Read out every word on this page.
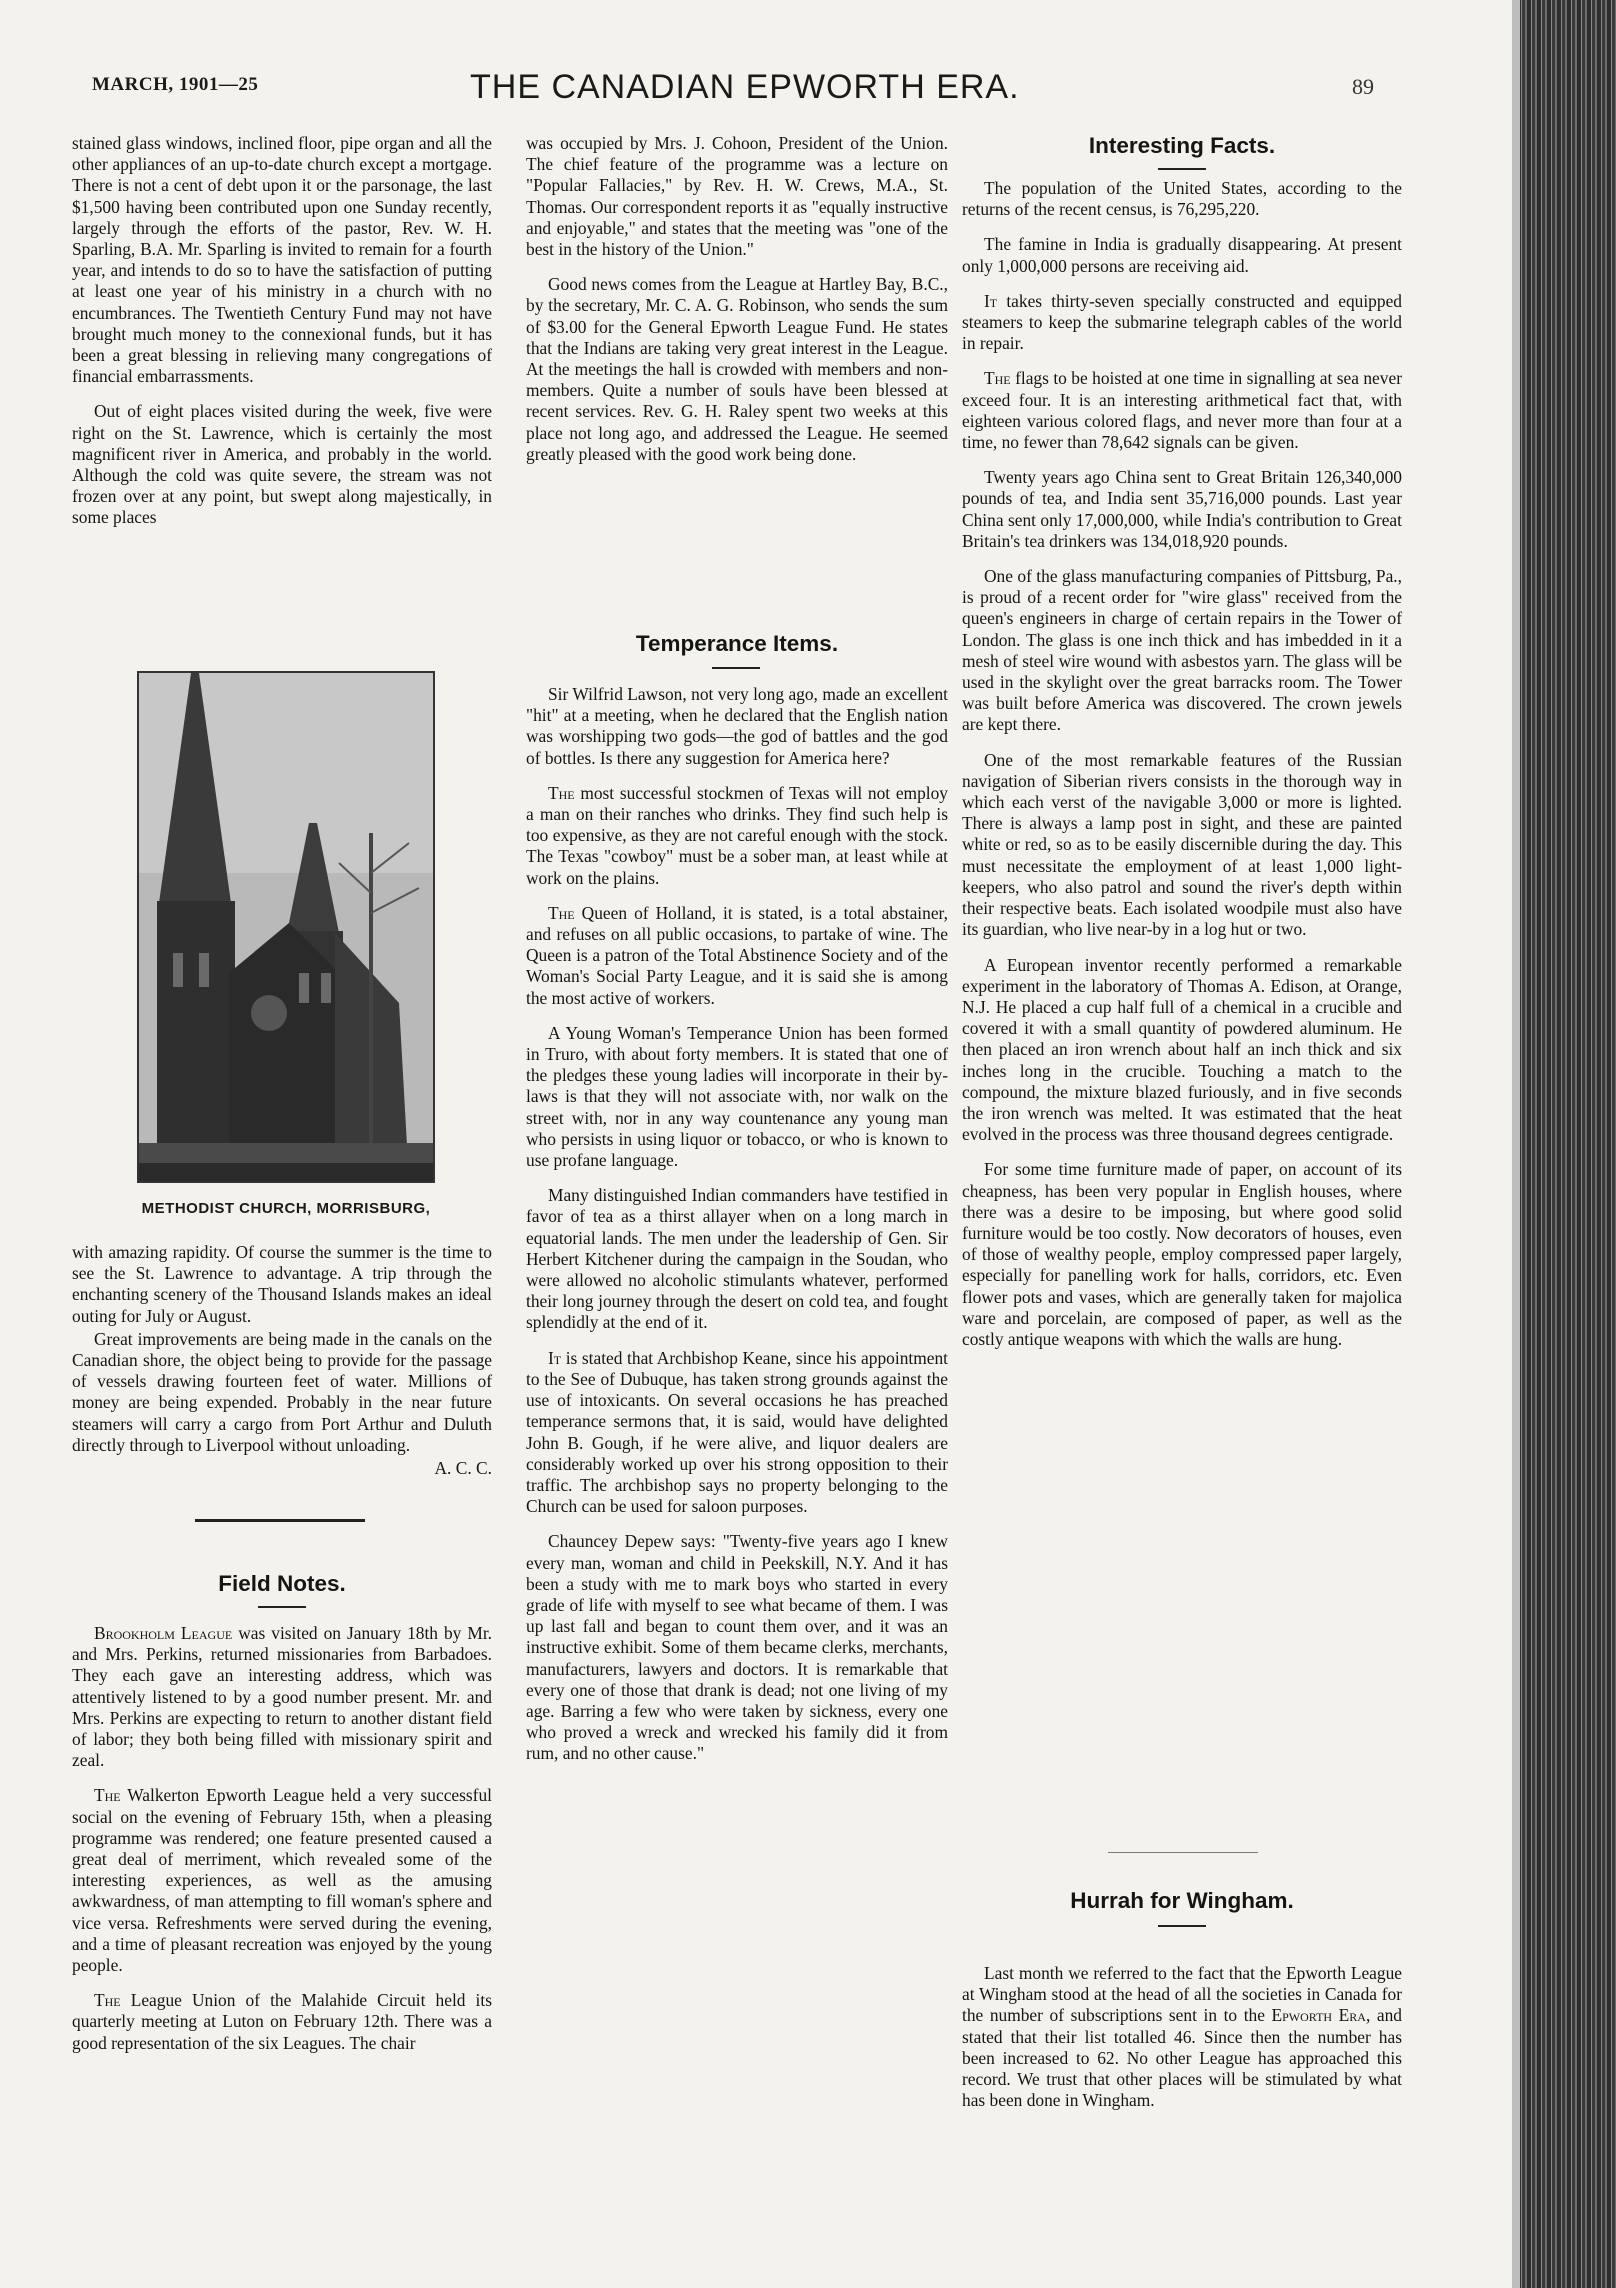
MARCH, 1901—25	THE CANADIAN EPWORTH ERA.	89

stained glass windows, inclined floor, pipe organ and all the other appliances of an up-to-date church except a mortgage. There is not a cent of debt upon it or the parsonage, the last $1,500 having been contributed upon one Sunday recently, largely through the efforts of the pastor, Rev. W. H. Sparling, B.A. Mr. Sparling is invited to remain for a fourth year, and intends to do so to have the satisfaction of putting at least one year of his ministry in a church with no encumbrances. The Twentieth Century Fund may not have brought much money to the connexional funds, but it has been a great blessing in relieving many congregations of financial embarrassments.

Out of eight places visited during the week, five were right on the St. Lawrence, which is certainly the most magnificent river in America, and probably in the world. Although the cold was quite severe, the stream was not frozen over at any point, but swept along majestically, in some places

METHODIST CHURCH, MORRISBURG,

with amazing rapidity. Of course the summer is the time to see the St. Lawrence to advantage. A trip through the enchanting scenery of the Thousand Islands makes an ideal outing for July or August.

Great improvements are being made in the canals on the Canadian shore, the object being to provide for the passage of vessels drawing fourteen feet of water. Millions of money are being expended. Probably in the near future steamers will carry a cargo from Port Arthur and Duluth directly through to Liverpool without unloading.

A. C. C.

Field Notes.

Brookholm League was visited on January 18th by Mr. and Mrs. Perkins, returned missionaries from Barbadoes. They each gave an interesting address, which was attentively listened to by a good number present. Mr. and Mrs. Perkins are expecting to return to another distant field of labor; they both being filled with missionary spirit and zeal.

The Walkerton Epworth League held a very successful social on the evening of February 15th, when a pleasing programme was rendered; one feature presented caused a great deal of merriment, which revealed some of the interesting experiences, as well as the amusing awkwardness, of man attempting to fill woman's sphere and vice versa. Refreshments were served during the evening, and a time of pleasant recreation was enjoyed by the young people.

The League Union of the Malahide Circuit held its quarterly meeting at Luton on February 12th. There was a good representation of the six Leagues. The chair

was occupied by Mrs. J. Cohoon, President of the Union. The chief feature of the programme was a lecture on "Popular Fallacies," by Rev. H. W. Crews, M.A., St. Thomas. Our correspondent reports it as "equally instructive and enjoyable," and states that the meeting was "one of the best in the history of the Union."

Good news comes from the League at Hartley Bay, B.C., by the secretary, Mr. C. A. G. Robinson, who sends the sum of $3.00 for the General Epworth League Fund. He states that the Indians are taking very great interest in the League. At the meetings the hall is crowded with members and non-members. Quite a number of souls have been blessed at recent services. Rev. G. H. Raley spent two weeks at this place not long ago, and addressed the League. He seemed greatly pleased with the good work being done.

Temperance Items.

Sir Wilfrid Lawson, not very long ago, made an excellent "hit" at a meeting, when he declared that the English nation was worshipping two gods—the god of battles and the god of bottles. Is there any suggestion for America here?

The most successful stockmen of Texas will not employ a man on their ranches who drinks. They find such help is too expensive, as they are not careful enough with the stock. The Texas "cowboy" must be a sober man, at least while at work on the plains.

The Queen of Holland, it is stated, is a total abstainer, and refuses on all public occasions, to partake of wine. The Queen is a patron of the Total Abstinence Society and of the Woman's Social Party League, and it is said she is among the most active of workers.

A Young Woman's Temperance Union has been formed in Truro, with about forty members. It is stated that one of the pledges these young ladies will incorporate in their by-laws is that they will not associate with, nor walk on the street with, nor in any way countenance any young man who persists in using liquor or tobacco, or who is known to use profane language.

Many distinguished Indian commanders have testified in favor of tea as a thirst allayer when on a long march in equatorial lands. The men under the leadership of Gen. Sir Herbert Kitchener during the campaign in the Soudan, who were allowed no alcoholic stimulants whatever, performed their long journey through the desert on cold tea, and fought splendidly at the end of it.

It is stated that Archbishop Keane, since his appointment to the See of Dubuque, has taken strong grounds against the use of intoxicants. On several occasions he has preached temperance sermons that, it is said, would have delighted John B. Gough, if he were alive, and liquor dealers are considerably worked up over his strong opposition to their traffic. The archbishop says no property belonging to the Church can be used for saloon purposes.

Chauncey Depew says: "Twenty-five years ago I knew every man, woman and child in Peekskill, N.Y. And it has been a study with me to mark boys who started in every grade of life with myself to see what became of them. I was up last fall and began to count them over, and it was an instructive exhibit. Some of them became clerks, merchants, manufacturers, lawyers and doctors. It is remarkable that every one of those that drank is dead; not one living of my age. Barring a few who were taken by sickness, every one who proved a wreck and wrecked his family did it from rum, and no other cause."

Interesting Facts.

The population of the United States, according to the returns of the recent census, is 76,295,220.

The famine in India is gradually disappearing. At present only 1,000,000 persons are receiving aid.

It takes thirty-seven specially constructed and equipped steamers to keep the submarine telegraph cables of the world in repair.

The flags to be hoisted at one time in signalling at sea never exceed four. It is an interesting arithmetical fact that, with eighteen various colored flags, and never more than four at a time, no fewer than 78,642 signals can be given.

Twenty years ago China sent to Great Britain 126,340,000 pounds of tea, and India sent 35,716,000 pounds. Last year China sent only 17,000,000, while India's contribution to Great Britain's tea drinkers was 134,018,920 pounds.

One of the glass manufacturing companies of Pittsburg, Pa., is proud of a recent order for "wire glass" received from the queen's engineers in charge of certain repairs in the Tower of London. The glass is one inch thick and has imbedded in it a mesh of steel wire wound with asbestos yarn. The glass will be used in the skylight over the great barracks room. The Tower was built before America was discovered. The crown jewels are kept there.

One of the most remarkable features of the Russian navigation of Siberian rivers consists in the thorough way in which each verst of the navigable 3,000 or more is lighted. There is always a lamp post in sight, and these are painted white or red, so as to be easily discernible during the day. This must necessitate the employment of at least 1,000 light-keepers, who also patrol and sound the river's depth within their respective beats. Each isolated woodpile must also have its guardian, who live near-by in a log hut or two.

A European inventor recently performed a remarkable experiment in the laboratory of Thomas A. Edison, at Orange, N.J. He placed a cup half full of a chemical in a crucible and covered it with a small quantity of powdered aluminum. He then placed an iron wrench about half an inch thick and six inches long in the crucible. Touching a match to the compound, the mixture blazed furiously, and in five seconds the iron wrench was melted. It was estimated that the heat evolved in the process was three thousand degrees centigrade.

For some time furniture made of paper, on account of its cheapness, has been very popular in English houses, where there was a desire to be imposing, but where good solid furniture would be too costly. Now decorators of houses, even of those of wealthy people, employ compressed paper largely, especially for panelling work for halls, corridors, etc. Even flower pots and vases, which are generally taken for majolica ware and porcelain, are composed of paper, as well as the costly antique weapons with which the walls are hung.

Hurrah for Wingham.

Last month we referred to the fact that the Epworth League at Wingham stood at the head of all the societies in Canada for the number of subscriptions sent in to the Epworth Era, and stated that their list totalled 46. Since then the number has been increased to 62. No other League has approached this record. We trust that other places will be stimulated by what has been done in Wingham.
